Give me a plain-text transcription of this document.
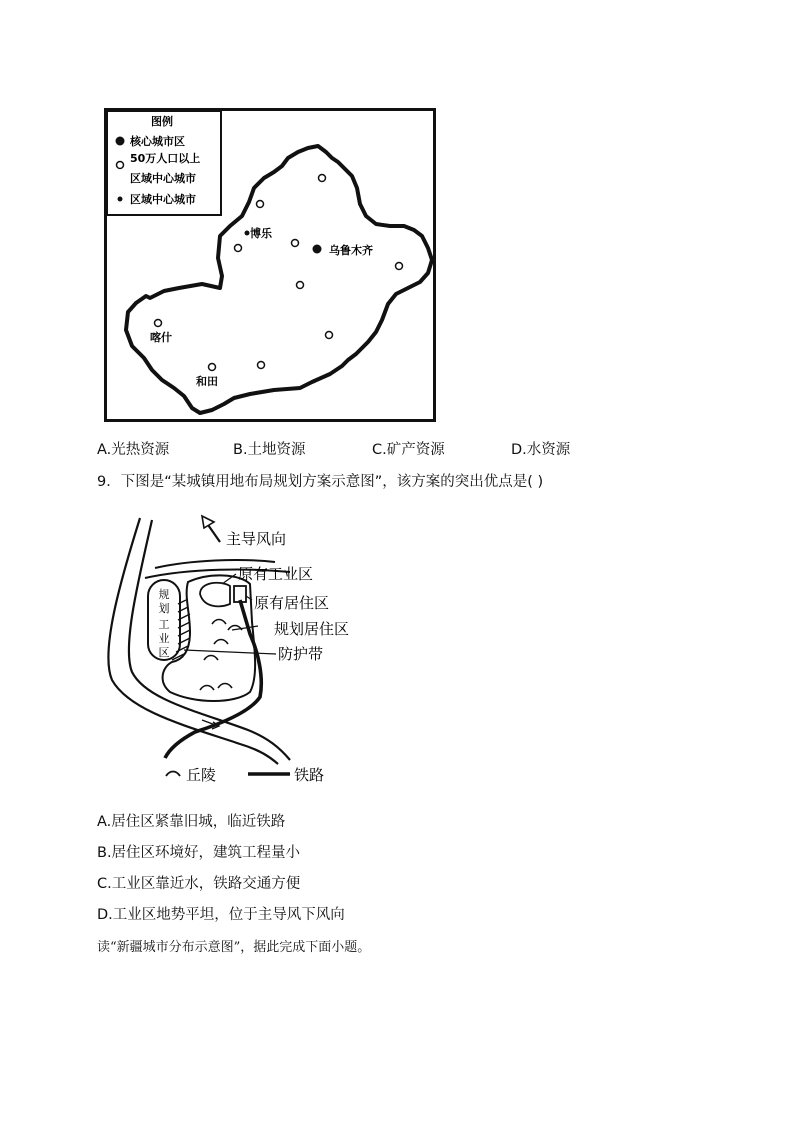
图例
核心城市区
50万人口以上
区域中心城市
区域中心城市
博乐
乌鲁木齐
喀什
和田
A.光热资源	B.土地资源	C.矿产资源	D.水资源
9．下图是“某城镇用地布局规划方案示意图”，该方案的突出优点是( )
主导风向
规
划
工
业
区
原有工业区
原有居住区
规划居住区
防护带
丘陵	铁路
A.居住区紧靠旧城，临近铁路
B.居住区环境好，建筑工程量小
C.工业区靠近水，铁路交通方便
D.工业区地势平坦，位于主导风下风向
读“新疆城市分布示意图”，据此完成下面小题。
